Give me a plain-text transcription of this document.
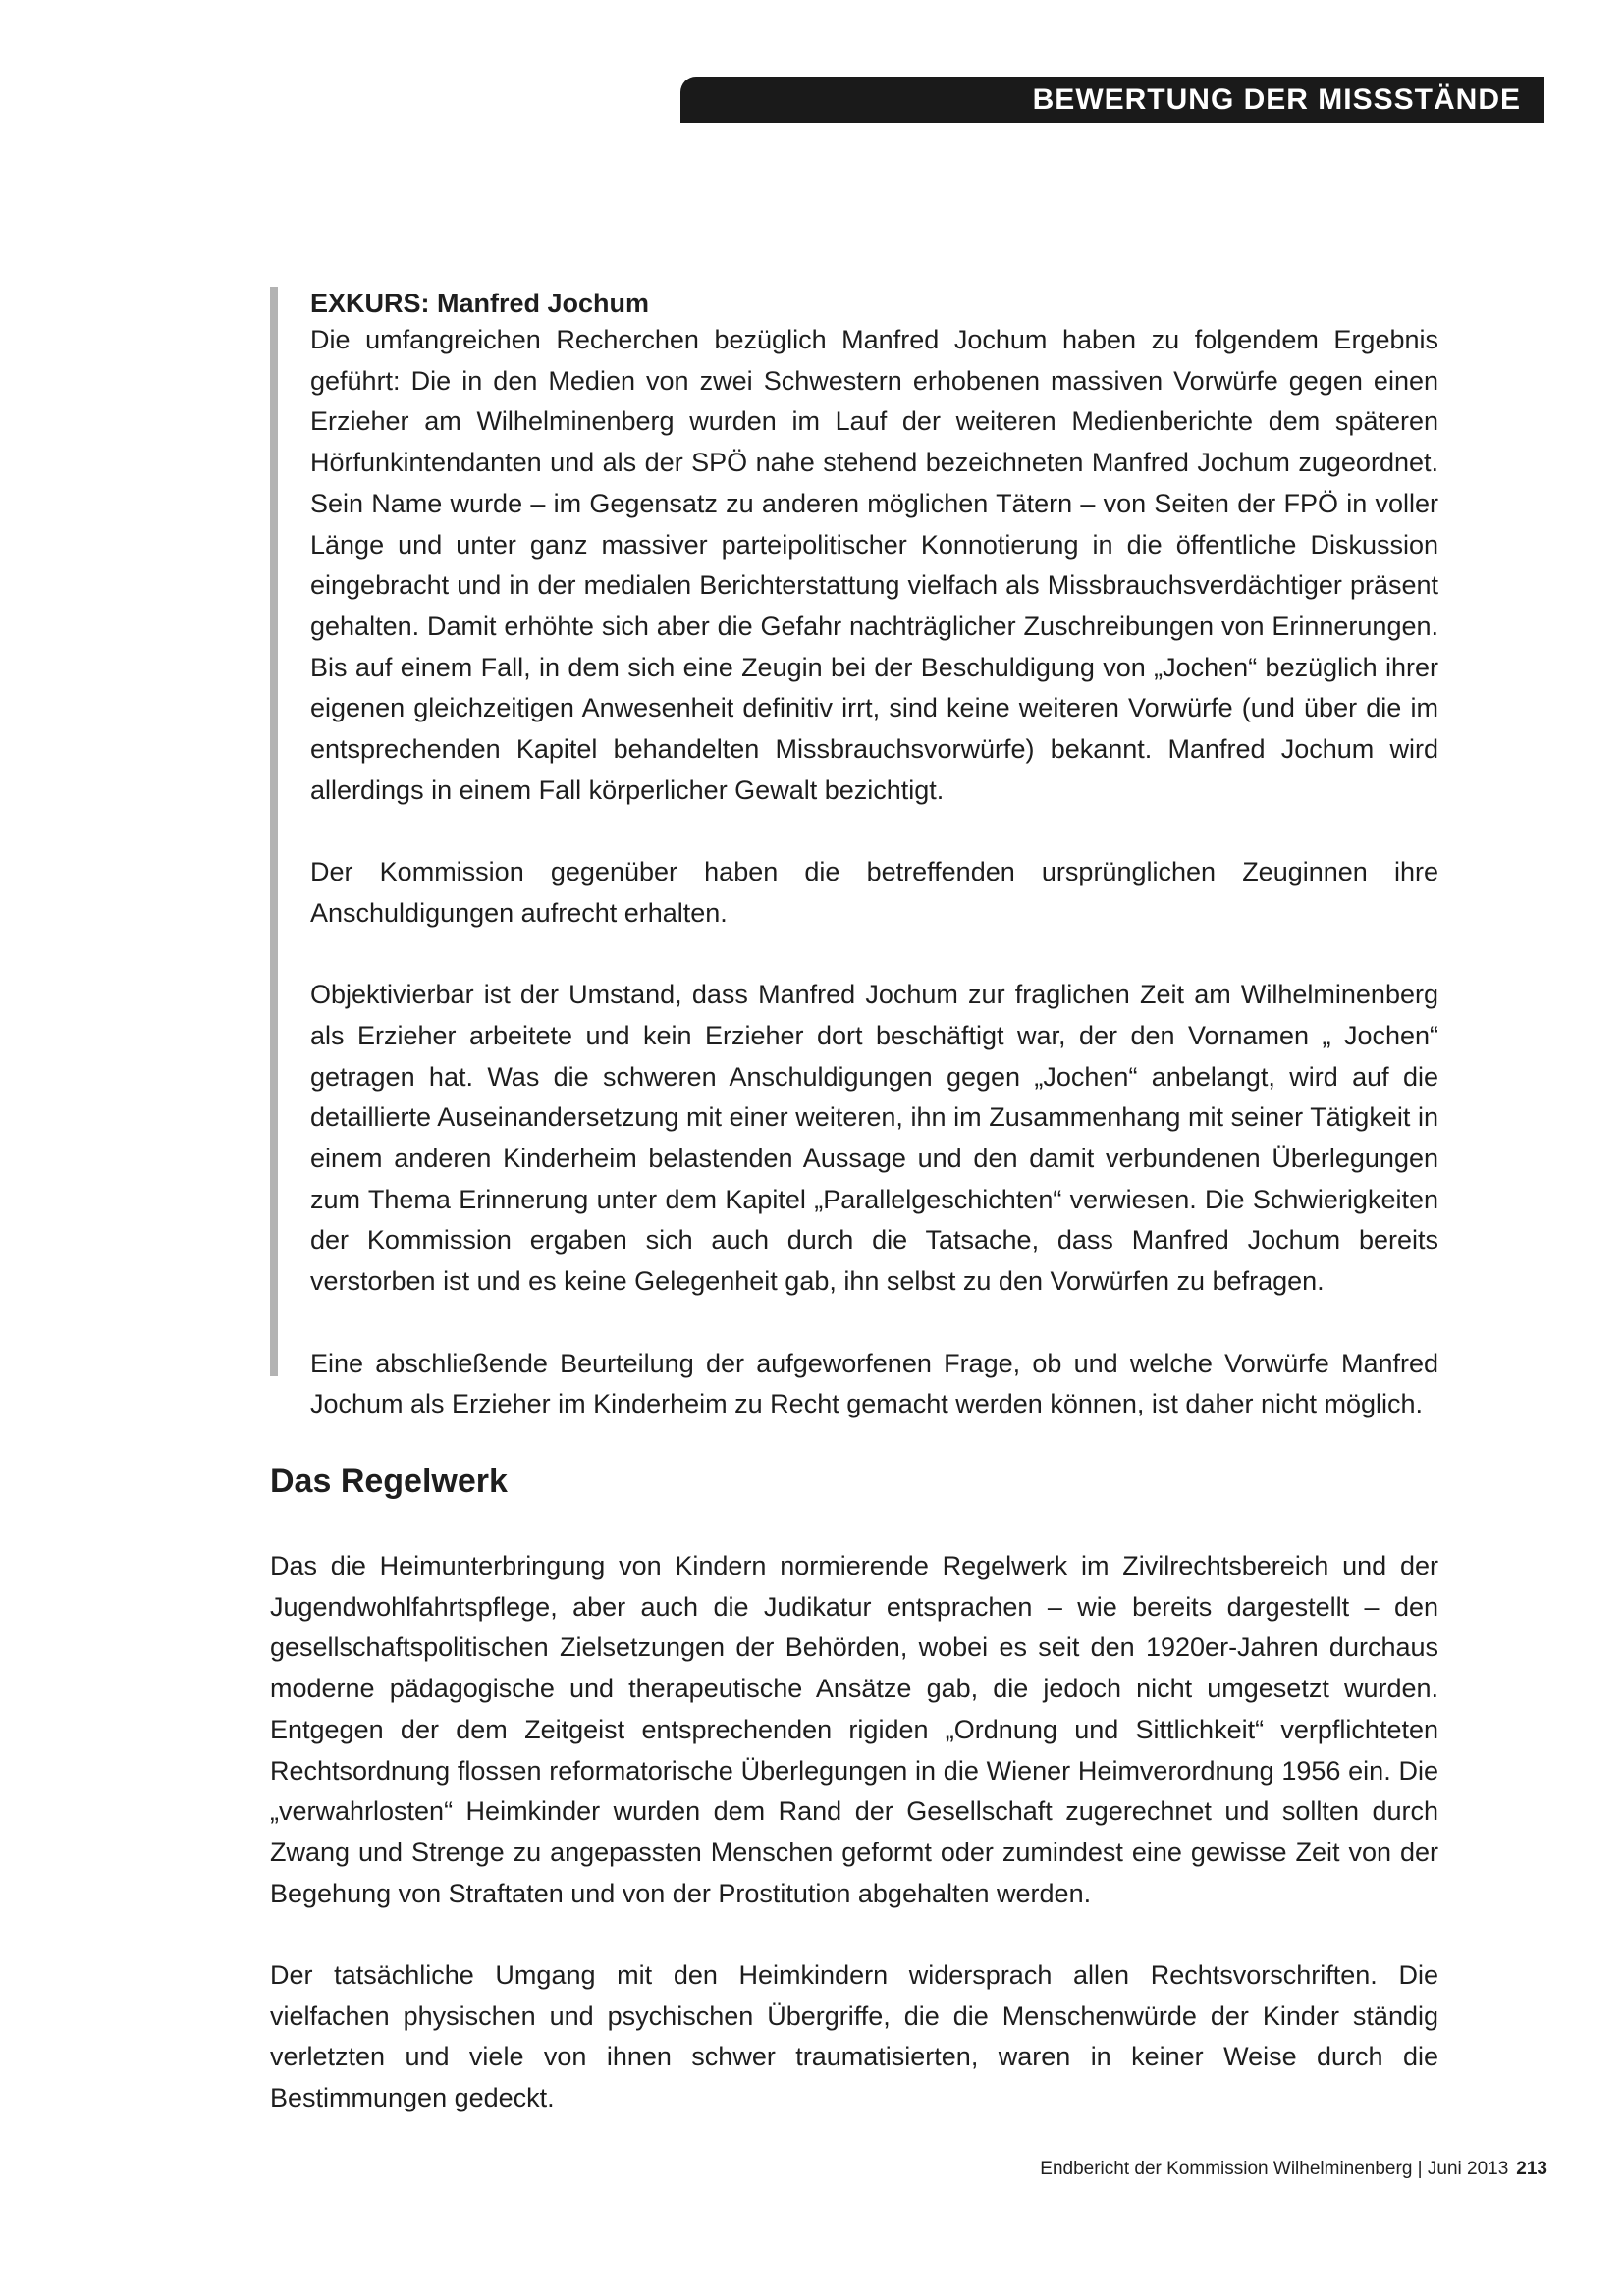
BEWERTUNG DER MISSSTÄNDE
EXKURS: Manfred Jochum

Die umfangreichen Recherchen bezüglich Manfred Jochum haben zu folgendem Ergebnis geführt: Die in den Medien von zwei Schwestern erhobenen massiven Vorwürfe gegen einen Erzieher am Wilhelminenberg wurden im Lauf der weiteren Medienberichte dem späteren Hörfunkintendanten und als der SPÖ nahe stehend bezeichneten Manfred Jochum zugeordnet. Sein Name wurde – im Gegensatz zu anderen möglichen Tätern – von Seiten der FPÖ in voller Länge und unter ganz massiver parteipolitischer Konnotierung in die öffentliche Diskussion eingebracht und in der medialen Berichterstattung vielfach als Missbrauchsverdächtiger präsent gehalten. Damit erhöhte sich aber die Gefahr nachträglicher Zuschreibungen von Erinnerungen. Bis auf einem Fall, in dem sich eine Zeugin bei der Beschuldigung von „Jochen“ bezüglich ihrer eigenen gleichzeitigen Anwesenheit definitiv irrt, sind keine weiteren Vorwürfe (und über die im entsprechenden Kapitel behandelten Missbrauchsvorwürfe) bekannt. Manfred Jochum wird allerdings in einem Fall körperlicher Gewalt bezichtigt.

Der Kommission gegenüber haben die betreffenden ursprünglichen Zeuginnen ihre Anschuldigungen aufrecht erhalten.

Objektivierbar ist der Umstand, dass Manfred Jochum zur fraglichen Zeit am Wilhelminenberg als Erzieher arbeitete und kein Erzieher dort beschäftigt war, der den Vornamen „ Jochen“ getragen hat. Was die schweren Anschuldigungen gegen „Jochen“ anbelangt, wird auf die detaillierte Auseinandersetzung mit einer weiteren, ihn im Zusammenhang mit seiner Tätigkeit in einem anderen Kinderheim belastenden Aussage und den damit verbundenen Überlegungen zum Thema Erinnerung unter dem Kapitel „Parallelgeschichten“ verwiesen. Die Schwierigkeiten der Kommission ergaben sich auch durch die Tatsache, dass Manfred Jochum bereits verstorben ist und es keine Gelegenheit gab, ihn selbst zu den Vorwürfen zu befragen.

Eine abschließende Beurteilung der aufgeworfenen Frage, ob und welche Vorwürfe Manfred Jochum als Erzieher im Kinderheim zu Recht gemacht werden können, ist daher nicht möglich.

Das Regelwerk

Das die Heimunterbringung von Kindern normierende Regelwerk im Zivilrechtsbereich und der Jugendwohlfahrtspflege, aber auch die Judikatur entsprachen – wie bereits dargestellt – den gesellschaftspolitischen Zielsetzungen der Behörden, wobei es seit den 1920er-Jahren durchaus moderne pädagogische und therapeutische Ansätze gab, die jedoch nicht umgesetzt wurden. Entgegen der dem Zeitgeist entsprechenden rigiden „Ordnung und Sittlichkeit“ verpflichteten Rechtsordnung flossen reformatorische Überlegungen in die Wiener Heimverordnung 1956 ein. Die „verwahrlosten“ Heimkinder wurden dem Rand der Gesellschaft zugerechnet und sollten durch Zwang und Strenge zu angepassten Menschen geformt oder zumindest eine gewisse Zeit von der Begehung von Straftaten und von der Prostitution abgehalten werden.

Der tatsächliche Umgang mit den Heimkindern widersprach allen Rechtsvorschriften. Die vielfachen physischen und psychischen Übergriffe, die die Menschenwürde der Kinder ständig verletzten und viele von ihnen schwer traumatisierten, waren in keiner Weise durch die Bestimmungen gedeckt.

Endbericht der Kommission Wilhelminenberg | Juni 2013 213
